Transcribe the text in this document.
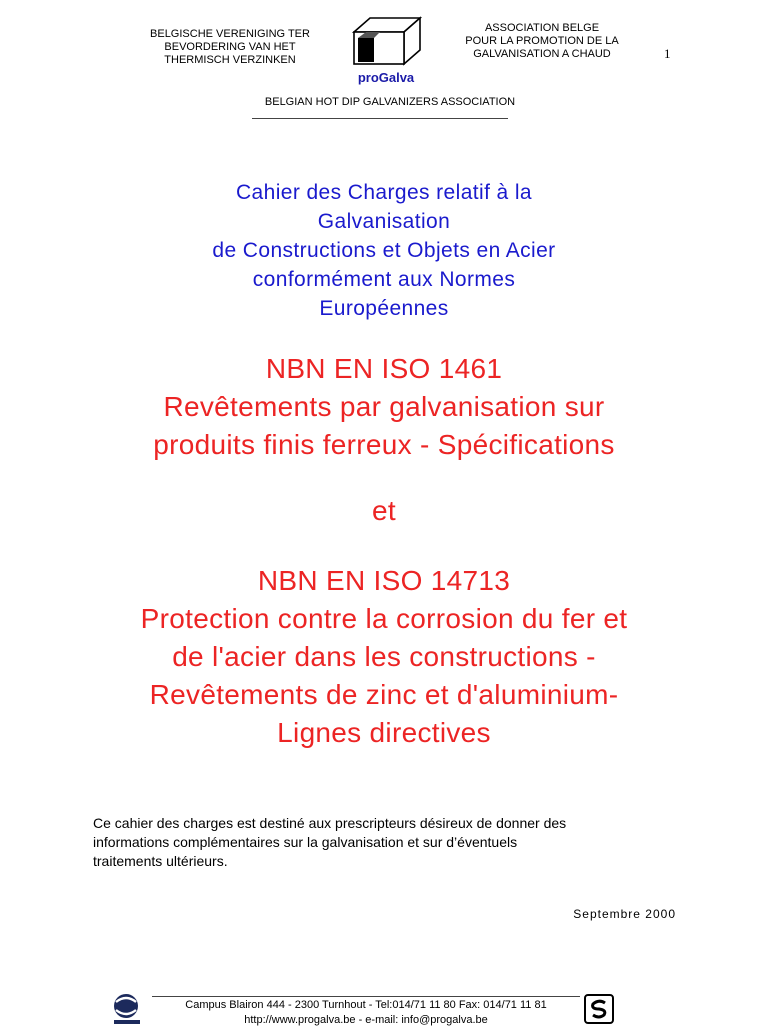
BELGISCHE VERENIGING TER
BEVORDERING VAN HET
THERMISCH VERZINKEN
proGalva
ASSOCIATION BELGE
POUR LA PROMOTION DE LA
GALVANISATION A CHAUD	1
BELGIAN HOT DIP GALVANIZERS ASSOCIATION
Cahier des Charges relatif à la
Galvanisation
de Constructions et Objets en Acier
conformément aux Normes
Européennes
NBN EN ISO 1461
Revêtements par galvanisation sur
produits finis ferreux - Spécifications
et
NBN EN ISO 14713
Protection contre la corrosion du fer et
de l'acier dans les constructions -
Revêtements de zinc et d'aluminium-
Lignes directives
Ce cahier des charges est destiné aux prescripteurs désireux de donner des
informations complémentaires sur la galvanisation et sur d’éventuels
traitements ultérieurs.
Septembre 2000
Campus Blairon 444 - 2300 Turnhout - Tel:014/71 11 80 Fax: 014/71 11 81
http://www.progalva.be - e-mail: info@progalva.be
